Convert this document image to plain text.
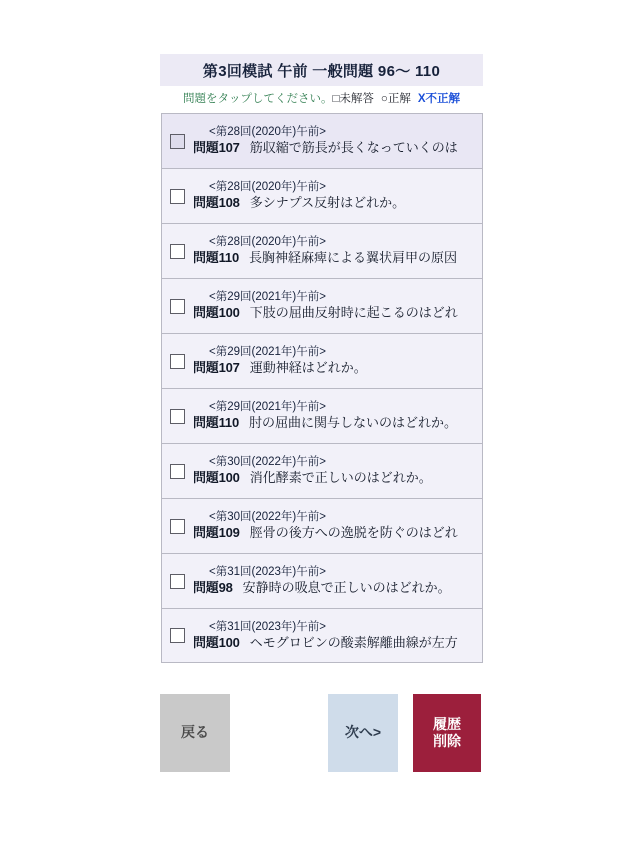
第3回模試 午前 一般問題 96〜 110
問題をタップしてください。 □ 未解答 ○ 正解 X 不正解
<第28回(2020年)午前>
問題107 筋収縮で筋長が長くなっていくのは
<第28回(2020年)午前>
問題108 多シナプス反射はどれか。
<第28回(2020年)午前>
問題110 長胸神経麻痺による翼状肩甲の原因
<第29回(2021年)午前>
問題100 下肢の屈曲反射時に起こるのはどれ
<第29回(2021年)午前>
問題107 運動神経はどれか。
<第29回(2021年)午前>
問題110 肘の屈曲に関与しないのはどれか。
<第30回(2022年)午前>
問題100 消化酵素で正しいのはどれか。
<第30回(2022年)午前>
問題109 脛骨の後方への逸脱を防ぐのはどれ
<第31回(2023年)午前>
問題98 安静時の吸息で正しいのはどれか。
<第31回(2023年)午前>
問題100 ヘモグロビンの酸素解離曲線が左方
戻る	次へ>
履歴
削除
